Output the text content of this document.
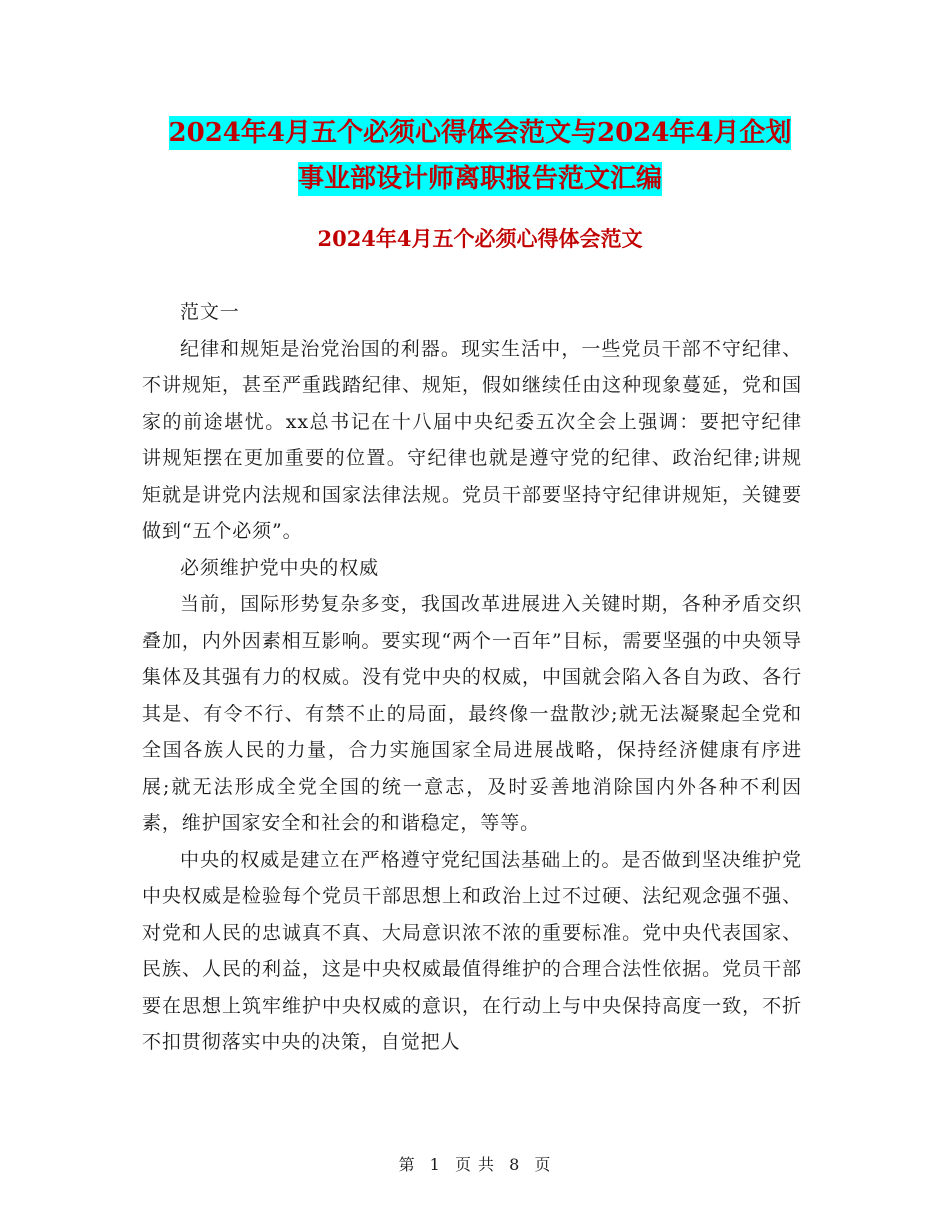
2024年4月五个必须心得体会范文与2024年4月企划
事业部设计师离职报告范文汇编
2024年4月五个必须心得体会范文

范文一

纪律和规矩是治党治国的利器。现实生活中，一些党员干部不守纪律、不讲规矩，甚至严重践踏纪律、规矩，假如继续任由这种现象蔓延，党和国家的前途堪忧。xx总书记在十八届中央纪委五次全会上强调：要把守纪律讲规矩摆在更加重要的位置。守纪律也就是遵守党的纪律、政治纪律;讲规矩就是讲党内法规和国家法律法规。党员干部要坚持守纪律讲规矩，关键要做到“五个必须”。

必须维护党中央的权威

当前，国际形势复杂多变，我国改革进展进入关键时期，各种矛盾交织叠加，内外因素相互影响。要实现“两个一百年”目标，需要坚强的中央领导集体及其强有力的权威。没有党中央的权威，中国就会陷入各自为政、各行其是、有令不行、有禁不止的局面，最终像一盘散沙;就无法凝聚起全党和全国各族人民的力量，合力实施国家全局进展战略，保持经济健康有序进展;就无法形成全党全国的统一意志，及时妥善地消除国内外各种不利因素，维护国家安全和社会的和谐稳定，等等。

中央的权威是建立在严格遵守党纪国法基础上的。是否做到坚决维护党中央权威是检验每个党员干部思想上和政治上过不过硬、法纪观念强不强、对党和人民的忠诚真不真、大局意识浓不浓的重要标准。党中央代表国家、民族、人民的利益，这是中央权威最值得维护的合理合法性依据。党员干部要在思想上筑牢维护中央权威的意识，在行动上与中央保持高度一致，不折不扣贯彻落实中央的决策，自觉把人

第 1 页 共 8 页
